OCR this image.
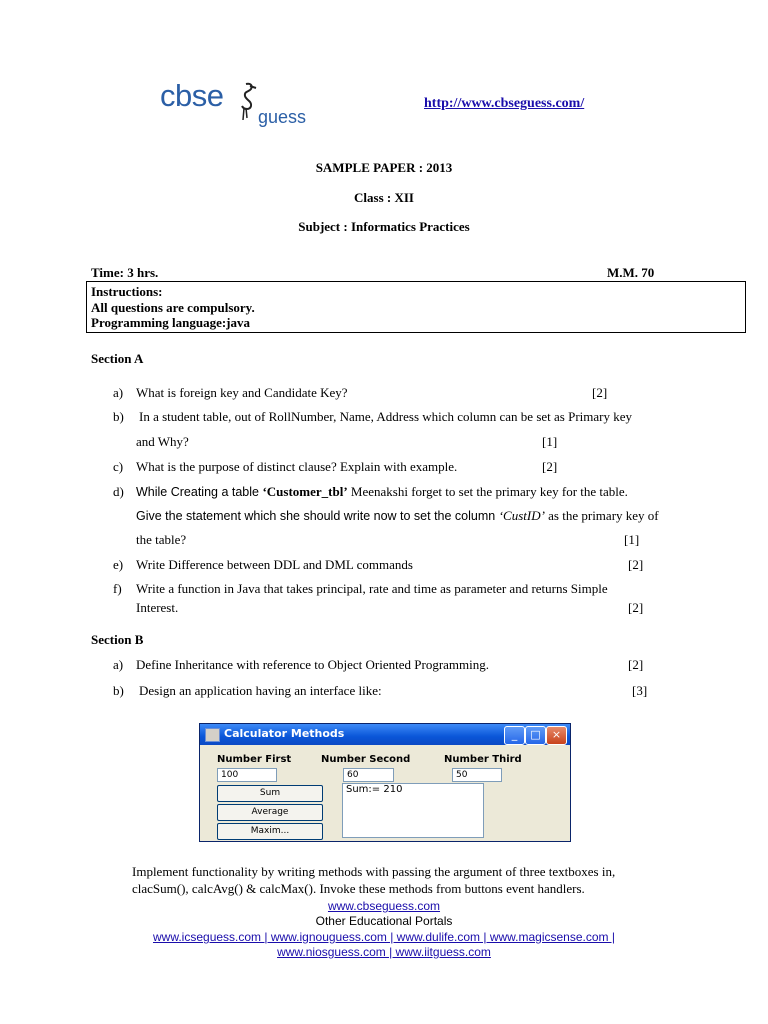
cbse
guess
http://www.cbseguess.com/
SAMPLE PAPER : 2013
Class : XII
Subject : Informatics Practices
Time: 3 hrs.	M.M. 70
Instructions:
All questions are compulsory.
Programming language:java
Section A
a) What is foreign key and Candidate Key?	[2]
b) In a student table, out of RollNumber, Name, Address which column can be set as Primary key
and Why?	[1]
c) What is the purpose of distinct clause? Explain with example.	[2]
d) While Creating a table ‘Customer_tbl’ Meenakshi forget to set the primary key for the table.
Give the statement which she should write now to set the column ‘CustID’ as the primary key of
the table?	[1]
e) Write Difference between DDL and DML commands	[2]
f) Write a function in Java that takes principal, rate and time as parameter and returns Simple
Interest.	[2]
Section B
a) Define Inheritance with reference to Object Oriented Programming.	[2]
b) Design an application having an interface like:	[3]
Calculator Methods	_	□	×
Number First	Number Second	Number Third
100	60	50
Sum
Average
Maxim...
Sum:= 210
Implement functionality by writing methods with passing the argument of three textboxes in,
clacSum(), calcAvg() & calcMax(). Invoke these methods from buttons event handlers.
www.cbseguess.com
Other Educational Portals
www.icseguess.com | www.ignouguess.com | www.dulife.com | www.magicsense.com |
www.niosguess.com | www.iitguess.com
